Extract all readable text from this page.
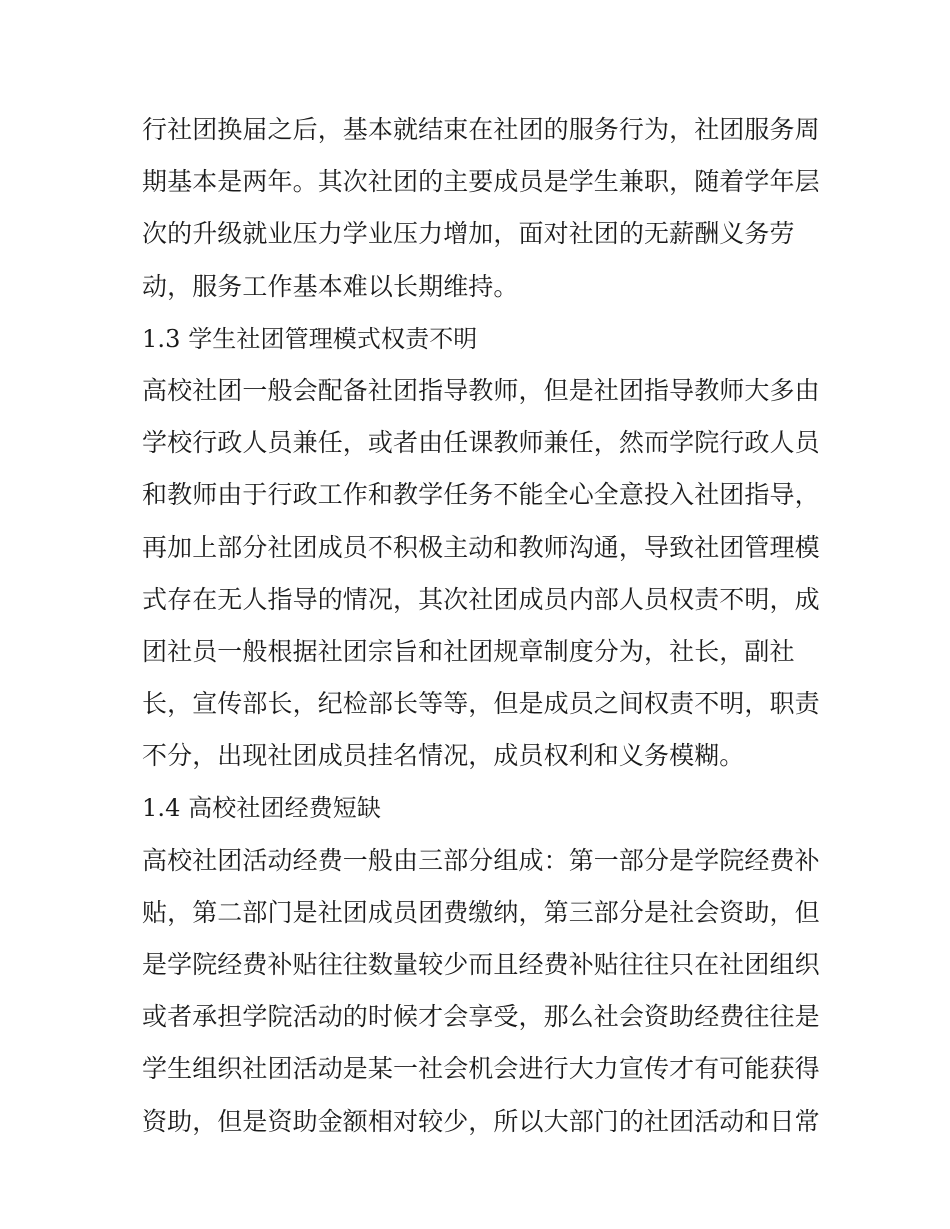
行社团换届之后，基本就结束在社团的服务行为，社团服务周
期基本是两年。其次社团的主要成员是学生兼职，随着学年层
次的升级就业压力学业压力增加，面对社团的无薪酬义务劳
动，服务工作基本难以长期维持。
1.3 学生社团管理模式权责不明
高校社团一般会配备社团指导教师，但是社团指导教师大多由
学校行政人员兼任，或者由任课教师兼任，然而学院行政人员
和教师由于行政工作和教学任务不能全心全意投入社团指导，
再加上部分社团成员不积极主动和教师沟通，导致社团管理模
式存在无人指导的情况，其次社团成员内部人员权责不明，成
团社员一般根据社团宗旨和社团规章制度分为，社长，副社
长，宣传部长，纪检部长等等，但是成员之间权责不明，职责
不分，出现社团成员挂名情况，成员权利和义务模糊。
1.4 高校社团经费短缺
高校社团活动经费一般由三部分组成：第一部分是学院经费补
贴，第二部门是社团成员团费缴纳，第三部分是社会资助，但
是学院经费补贴往往数量较少而且经费补贴往往只在社团组织
或者承担学院活动的时候才会享受，那么社会资助经费往往是
学生组织社团活动是某一社会机会进行大力宣传才有可能获得
资助，但是资助金额相对较少，所以大部门的社团活动和日常
